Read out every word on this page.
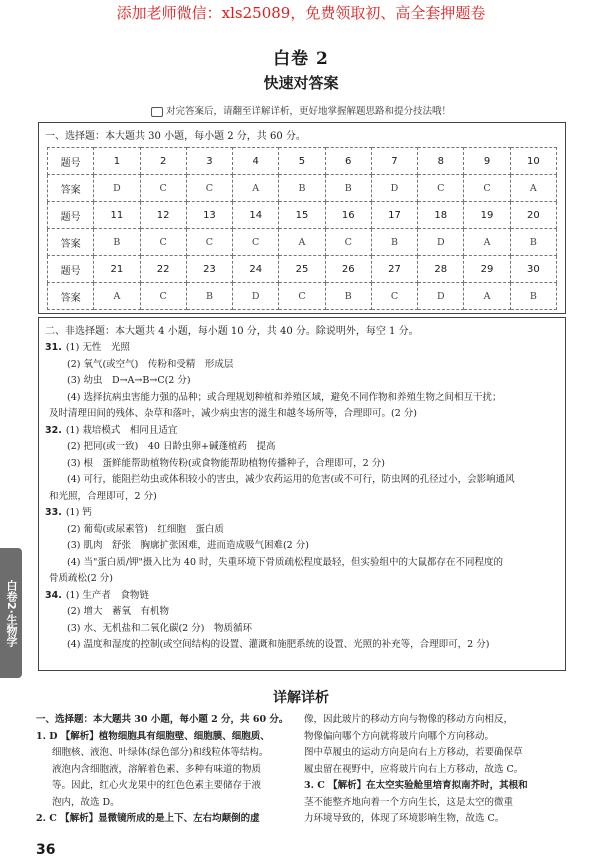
添加老师微信：xls25089，免费领取初、高全套押题卷
白卷 2
快速对答案
对完答案后，请翻至详解详析，更好地掌握解题思路和提分技法哦！
一、选择题：本大题共 30 小题，每小题 2 分，共 60 分。
题号	1	2	3	4	5	6	7	8	9	10
答案	D	C	C	A	B	B	D	C	C	A
题号	11	12	13	14	15	16	17	18	19	20
答案	B	C	C	C	A	C	B	D	A	B
题号	21	22	23	24	25	26	27	28	29	30
答案	A	C	B	D	C	B	C	D	A	B
二、非选择题：本大题共 4 小题，每小题 10 分，共 40 分。除说明外，每空 1 分。
31. (1) 无性　光照
(2) 氧气(或空气)　传粉和受精　形成层
(3) 幼虫　D→A→B→C(2 分)
(4) 选择抗病虫害能力强的品种；或合理规划种植和养殖区域，避免不同作物和养殖生物之间相互干扰；
及时清理田间的残体、杂草和落叶，减少病虫害的滋生和越冬场所等，合理即可。(2 分)
32. (1) 栽培模式　相同且适宜
(2) 把同(或一致)　40 日龄虫卵+碱蓬植药　提高
(3) 根　蛋鲜能帮助植物传粉(或食物能帮助植物传播种子，合理即可，2 分)
(4) 可行，能阻拦幼虫或体积较小的害虫，减少农药运用的危害(或不可行，防虫网的孔径过小，会影响通风
和光照，合理即可，2 分)
33. (1) 钙
(2) 葡萄(或尿素管)　红细胞　蛋白质
(3) 肌肉　舒张　胸廓扩张困难，进而造成吸气困难(2 分)
(4) 当"蛋白质/钾"摄入比为 40 时，失重环境下骨质疏松程度最轻，但实验组中的大鼠都存在不同程度的
骨质疏松(2 分)
34. (1) 生产者　食物链
(2) 增大　蓄氧　有机物
(3) 水、无机盐和二氧化碳(2 分)　物质循环
(4) 温度和湿度的控制(或空间结构的设置、灌溉和施肥系统的设置、光照的补充等，合理即可，2 分)
白卷2·生物学
详解详析
一、选择题：本大题共 30 小题，每小题 2 分，共 60 分。
1. D 【解析】植物细胞具有细胞壁、细胞膜、细胞质、
细胞核、液泡、叶绿体(绿色部分)和线粒体等结构。
液泡内含细胞液，溶解着色素、多种有味道的物质
等。因此，红心火龙果中的红色色素主要储存于液
泡内，故选 D。
2. C 【解析】显微镜所成的是上下、左右均颠倒的虚
像，因此玻片的移动方向与物像的移动方向相反，
物像偏向哪个方向就将玻片向哪个方向移动。
图中草履虫的运动方向是向右上方移动，若要确保草
履虫留在视野中，应将玻片向右上方移动，故选 C。
3. C 【解析】在太空实验舱里培育拟南芥时，其根和
茎不能整齐地向着一个方向生长，这是太空的微重
力环境导致的，体现了环境影响生物，故选 C。
36
